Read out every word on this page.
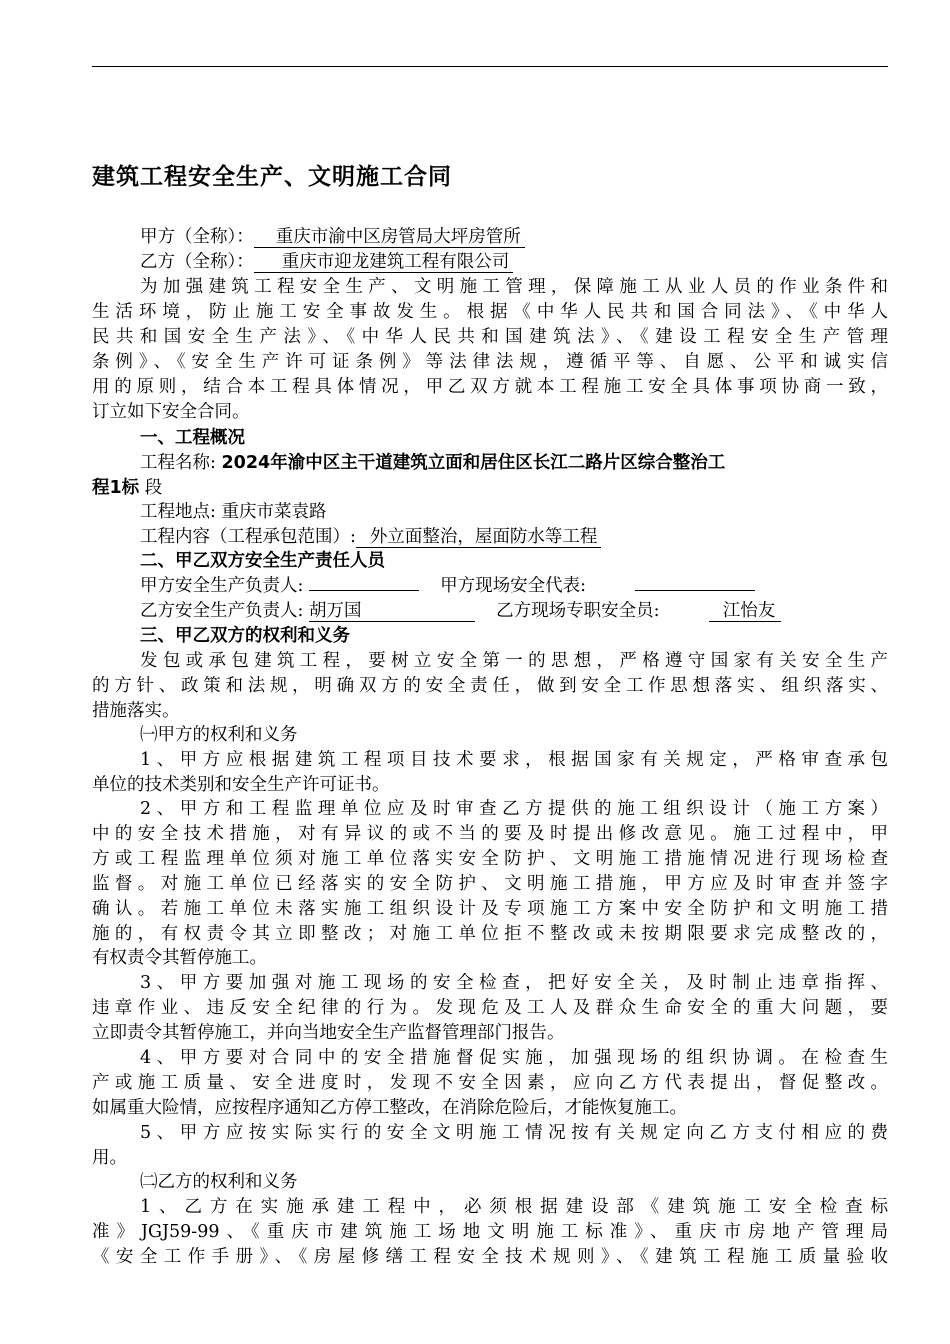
建筑工程安全生产、文明施工合同
甲方（全称）： 重庆市渝中区房管局大坪房管所
乙方（全称）： 重庆市迎龙建筑工程有限公司
为加强建筑工程安全生产、文明施工管理，保障施工从业人员的作业条件和
生活环境，防止施工安全事故发生。根据《中华人民共和国合同法》、《中华人
民共和国安全生产法》、《中华人民共和国建筑法》、《建设工程安全生产管理
条例》、《安全生产许可证条例》等法律法规，遵循平等、自愿、公平和诚实信
用的原则，结合本工程具体情况，甲乙双方就本工程施工安全具体事项协商一致，
订立如下安全合同。
一、工程概况
工程名称: 2024年渝中区主干道建筑立面和居住区长江二路片区综合整治工
程1标 段
工程地点: 重庆市菜袁路
工程内容（工程承包范围）: 外立面整治，屋面防水等工程
二、甲乙双方安全生产责任人员
甲方安全生产负责人:	甲方现场安全代表:
乙方安全生产负责人: 胡万国	乙方现场专职安全员:	江怡友
三、甲乙双方的权利和义务
发包或承包建筑工程，要树立安全第一的思想，严格遵守国家有关安全生产
的方针、政策和法规，明确双方的安全责任，做到安全工作思想落实、组织落实、
措施落实。
㈠甲方的权利和义务
1、甲方应根据建筑工程项目技术要求，根据国家有关规定，严格审查承包
单位的技术类别和安全生产许可证书。
2、甲方和工程监理单位应及时审查乙方提供的施工组织设计（施工方案）
中的安全技术措施，对有异议的或不当的要及时提出修改意见。施工过程中，甲
方或工程监理单位须对施工单位落实安全防护、文明施工措施情况进行现场检查
监督。对施工单位已经落实的安全防护、文明施工措施，甲方应及时审查并签字
确认。若施工单位未落实施工组织设计及专项施工方案中安全防护和文明施工措
施的，有权责令其立即整改；对施工单位拒不整改或未按期限要求完成整改的，
有权责令其暂停施工。
3、甲方要加强对施工现场的安全检查，把好安全关，及时制止违章指挥、
违章作业、违反安全纪律的行为。发现危及工人及群众生命安全的重大问题，要
立即责令其暂停施工，并向当地安全生产监督管理部门报告。
4、甲方要对合同中的安全措施督促实施，加强现场的组织协调。在检查生
产或施工质量、安全进度时，发现不安全因素，应向乙方代表提出，督促整改。
如属重大险情，应按程序通知乙方停工整改，在消除危险后，才能恢复施工。
5、甲方应按实际实行的安全文明施工情况按有关规定向乙方支付相应的费
用。
㈡乙方的权利和义务
1、乙方在实施承建工程中，必须根据建设部《建筑施工安全检查标
准》JGJ59-99、《重庆市建筑施工场地文明施工标准》、重庆市房地产管理局
《安全工作手册》、《房屋修缮工程安全技术规则》、《建筑工程施工质量验收
